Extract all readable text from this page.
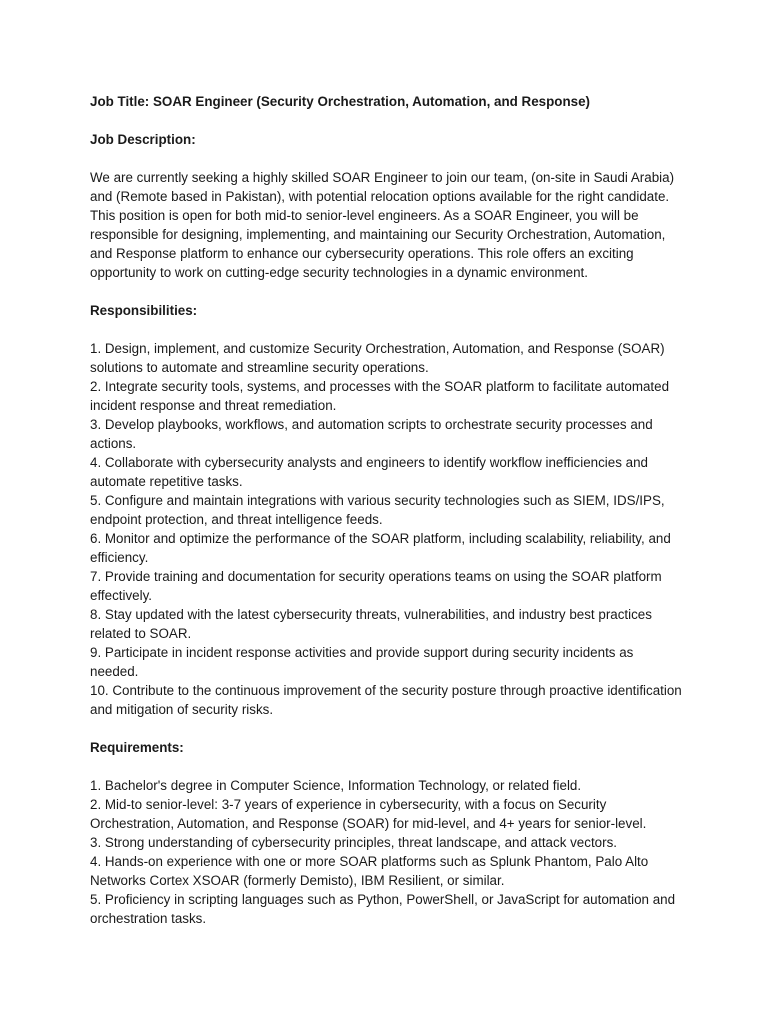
Job Title: SOAR Engineer (Security Orchestration, Automation, and Response)

Job Description:

We are currently seeking a highly skilled SOAR Engineer to join our team, (on-site in Saudi Arabia) and (Remote based in Pakistan), with potential relocation options available for the right candidate. This position is open for both mid-to senior-level engineers. As a SOAR Engineer, you will be responsible for designing, implementing, and maintaining our Security Orchestration, Automation, and Response platform to enhance our cybersecurity operations. This role offers an exciting opportunity to work on cutting-edge security technologies in a dynamic environment.

Responsibilities:

1. Design, implement, and customize Security Orchestration, Automation, and Response (SOAR) solutions to automate and streamline security operations.
2. Integrate security tools, systems, and processes with the SOAR platform to facilitate automated incident response and threat remediation.
3. Develop playbooks, workflows, and automation scripts to orchestrate security processes and actions.
4. Collaborate with cybersecurity analysts and engineers to identify workflow inefficiencies and automate repetitive tasks.
5. Configure and maintain integrations with various security technologies such as SIEM, IDS/IPS, endpoint protection, and threat intelligence feeds.
6. Monitor and optimize the performance of the SOAR platform, including scalability, reliability, and efficiency.
7. Provide training and documentation for security operations teams on using the SOAR platform effectively.
8. Stay updated with the latest cybersecurity threats, vulnerabilities, and industry best practices related to SOAR.
9. Participate in incident response activities and provide support during security incidents as needed.
10. Contribute to the continuous improvement of the security posture through proactive identification and mitigation of security risks.

Requirements:

1. Bachelor's degree in Computer Science, Information Technology, or related field.
2. Mid-to senior-level: 3-7 years of experience in cybersecurity, with a focus on Security Orchestration, Automation, and Response (SOAR) for mid-level, and 4+ years for senior-level.
3. Strong understanding of cybersecurity principles, threat landscape, and attack vectors.
4. Hands-on experience with one or more SOAR platforms such as Splunk Phantom, Palo Alto Networks Cortex XSOAR (formerly Demisto), IBM Resilient, or similar.
5. Proficiency in scripting languages such as Python, PowerShell, or JavaScript for automation and orchestration tasks.
